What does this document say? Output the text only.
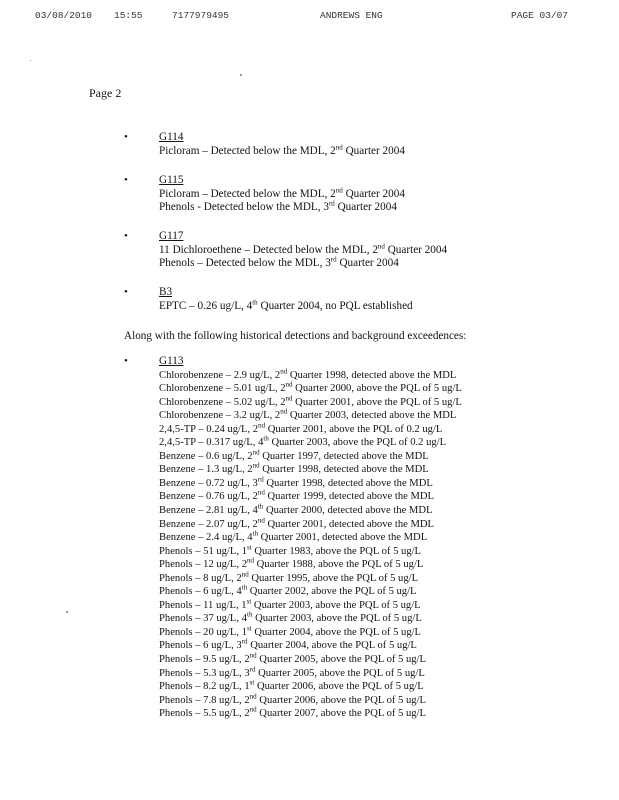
03/08/2010 15:55	7177979495	ANDREWS ENG	PAGE 03/07
Page 2
•	G114
Picloram – Detected below the MDL, 2nd Quarter 2004
•	G115
Picloram – Detected below the MDL, 2nd Quarter 2004
Phenols - Detected below the MDL, 3rd Quarter 2004
•	G117
11 Dichloroethene – Detected below the MDL, 2nd Quarter 2004
Phenols – Detected below the MDL, 3rd Quarter 2004
•	B3
EPTC – 0.26 ug/L, 4th Quarter 2004, no PQL established
Along with the following historical detections and background exceedences:
•	G113
Chlorobenzene – 2.9 ug/L, 2nd Quarter 1998, detected above the MDL
Chlorobenzene – 5.01 ug/L, 2nd Quarter 2000, above the PQL of 5 ug/L
Chlorobenzene – 5.02 ug/L, 2nd Quarter 2001, above the PQL of 5 ug/L
Chlorobenzene – 3.2 ug/L, 2nd Quarter 2003, detected above the MDL
2,4,5-TP – 0.24 ug/L, 2nd Quarter 2001, above the PQL of 0.2 ug/L
2,4,5-TP – 0.317 ug/L, 4th Quarter 2003, above the PQL of 0.2 ug/L
Benzene – 0.6 ug/L, 2nd Quarter 1997, detected above the MDL
Benzene – 1.3 ug/L, 2nd Quarter 1998, detected above the MDL
Benzene – 0.72 ug/L, 3rd Quarter 1998, detected above the MDL
Benzene – 0.76 ug/L, 2nd Quarter 1999, detected above the MDL
Benzene – 2.81 ug/L, 4th Quarter 2000, detected above the MDL
Benzene – 2.07 ug/L, 2nd Quarter 2001, detected above the MDL
Benzene – 2.4 ug/L, 4th Quarter 2001, detected above the MDL
Phenols – 51 ug/L, 1st Quarter 1983, above the PQL of 5 ug/L
Phenols – 12 ug/L, 2nd Quarter 1988, above the PQL of 5 ug/L
Phenols – 8 ug/L, 2nd Quarter 1995, above the PQL of 5 ug/L
Phenols – 6 ug/L, 4th Quarter 2002, above the PQL of 5 ug/L
Phenols – 11 ug/L, 1st Quarter 2003, above the PQL of 5 ug/L
Phenols – 37 ug/L, 4th Quarter 2003, above the PQL of 5 ug/L
Phenols – 20 ug/L, 1st Quarter 2004, above the PQL of 5 ug/L
Phenols – 6 ug/L, 3rd Quarter 2004, above the PQL of 5 ug/L
Phenols – 9.5 ug/L, 2nd Quarter 2005, above the PQL of 5 ug/L
Phenols – 5.3 ug/L, 3rd Quarter 2005, above the PQL of 5 ug/L
Phenols – 8.2 ug/L, 1st Quarter 2006, above the PQL of 5 ug/L
Phenols – 7.8 ug/L, 2nd Quarter 2006, above the PQL of 5 ug/L
Phenols – 5.5 ug/L, 2nd Quarter 2007, above the PQL of 5 ug/L
